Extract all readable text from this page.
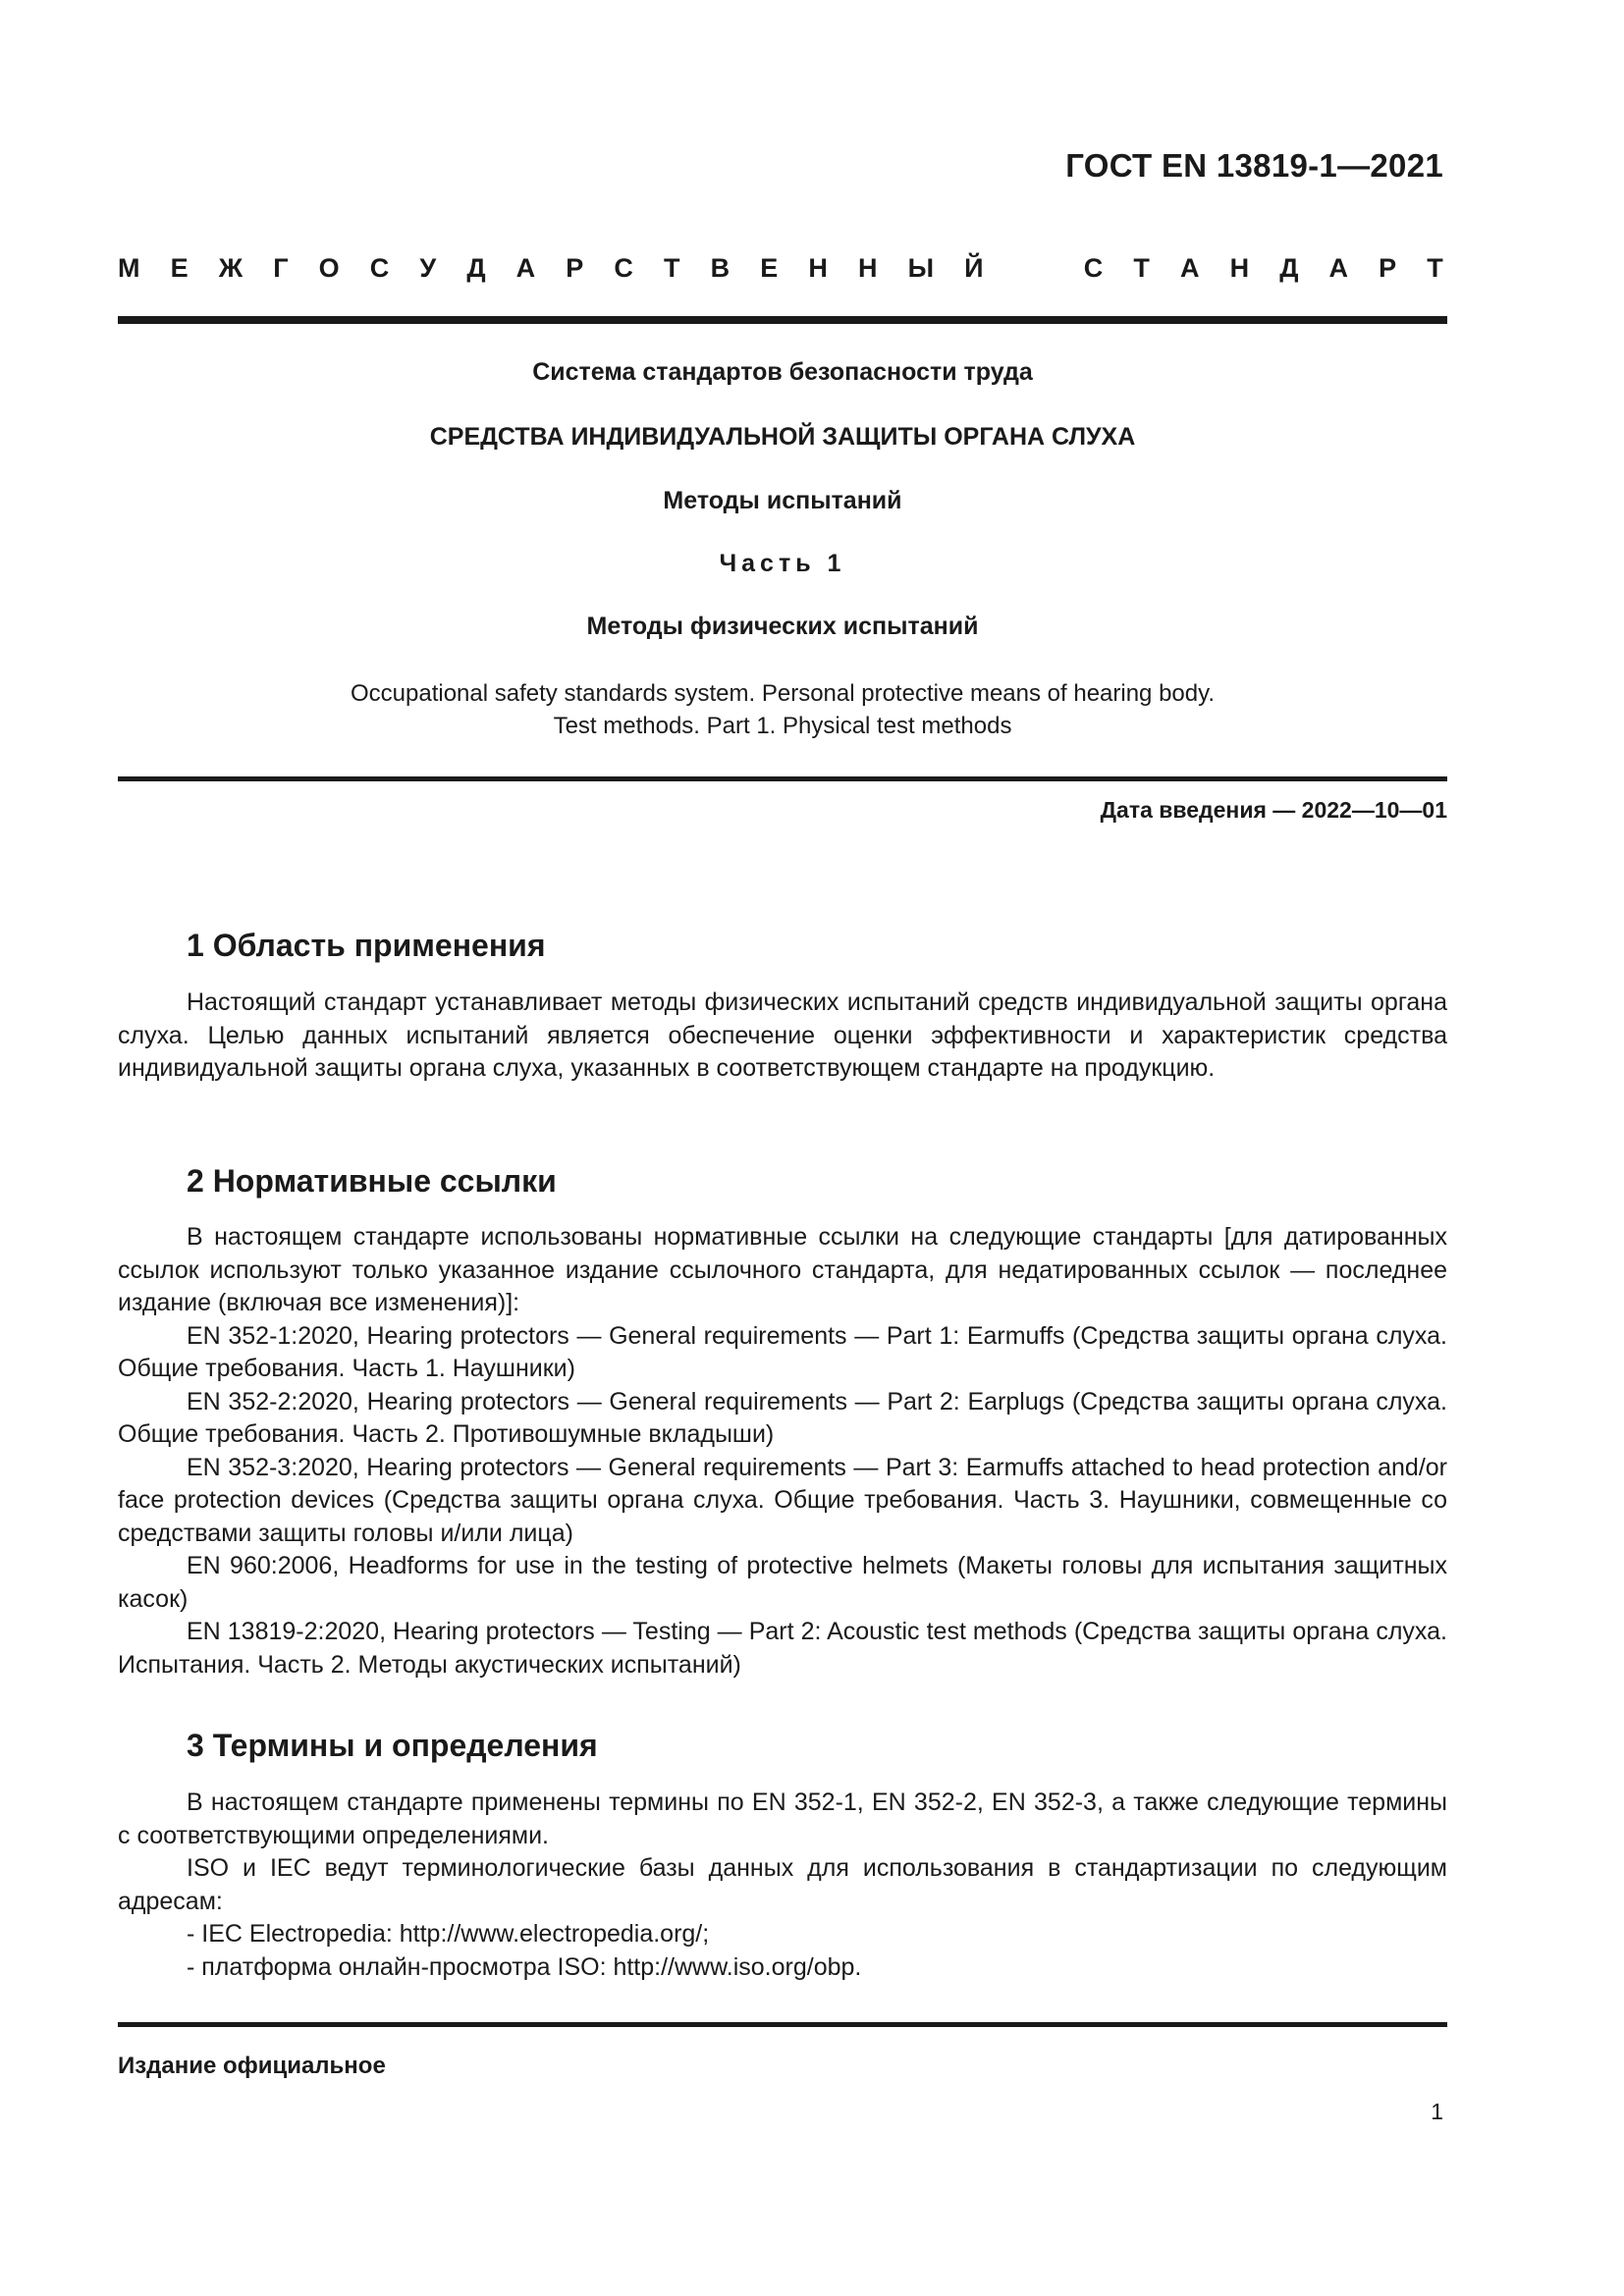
ГОСТ EN 13819-1—2021
М Е Ж Г О С У Д А Р С Т В Е Н Н Ы Й	С Т А Н Д А Р Т
Система стандартов безопасности труда
СРЕДСТВА ИНДИВИДУАЛЬНОЙ ЗАЩИТЫ ОРГАНА СЛУХА
Методы испытаний
Часть 1
Методы физических испытаний
Occupational safety standards system. Personal protective means of hearing body.
Test methods. Part 1. Physical test methods
Дата введения — 2022—10—01
1 Область применения

Настоящий стандарт устанавливает методы физических испытаний средств индивидуальной защиты органа слуха. Целью данных испытаний является обеспечение оценки эффективности и характеристик средства индивидуальной защиты органа слуха, указанных в соответствующем стандарте на продукцию.

2 Нормативные ссылки

В настоящем стандарте использованы нормативные ссылки на следующие стандарты [для датированных ссылок используют только указанное издание ссылочного стандарта, для недатированных ссылок — последнее издание (включая все изменения)]:

EN 352-1:2020, Hearing protectors — General requirements — Part 1: Earmuffs (Средства защиты органа слуха. Общие требования. Часть 1. Наушники)

EN 352-2:2020, Hearing protectors — General requirements — Part 2: Earplugs (Средства защиты органа слуха. Общие требования. Часть 2. Противошумные вкладыши)

EN 352-3:2020, Hearing protectors — General requirements — Part 3: Earmuffs attached to head protection and/or face protection devices (Средства защиты органа слуха. Общие требования. Часть 3. Наушники, совмещенные со средствами защиты головы и/или лица)

EN 960:2006, Headforms for use in the testing of protective helmets (Макеты головы для испытания защитных касок)

EN 13819-2:2020, Hearing protectors — Testing — Part 2: Acoustic test methods (Средства защиты органа слуха. Испытания. Часть 2. Методы акустических испытаний)

3 Термины и определения

В настоящем стандарте применены термины по EN 352-1, EN 352-2, EN 352-3, а также следующие термины с соответствующими определениями.

ISO и IEC ведут терминологические базы данных для использования в стандартизации по следующим адресам:

- IEC Electropedia: http://www.electropedia.org/;

- платформа онлайн-просмотра ISO: http://www.iso.org/obp.

Издание официальное
1
